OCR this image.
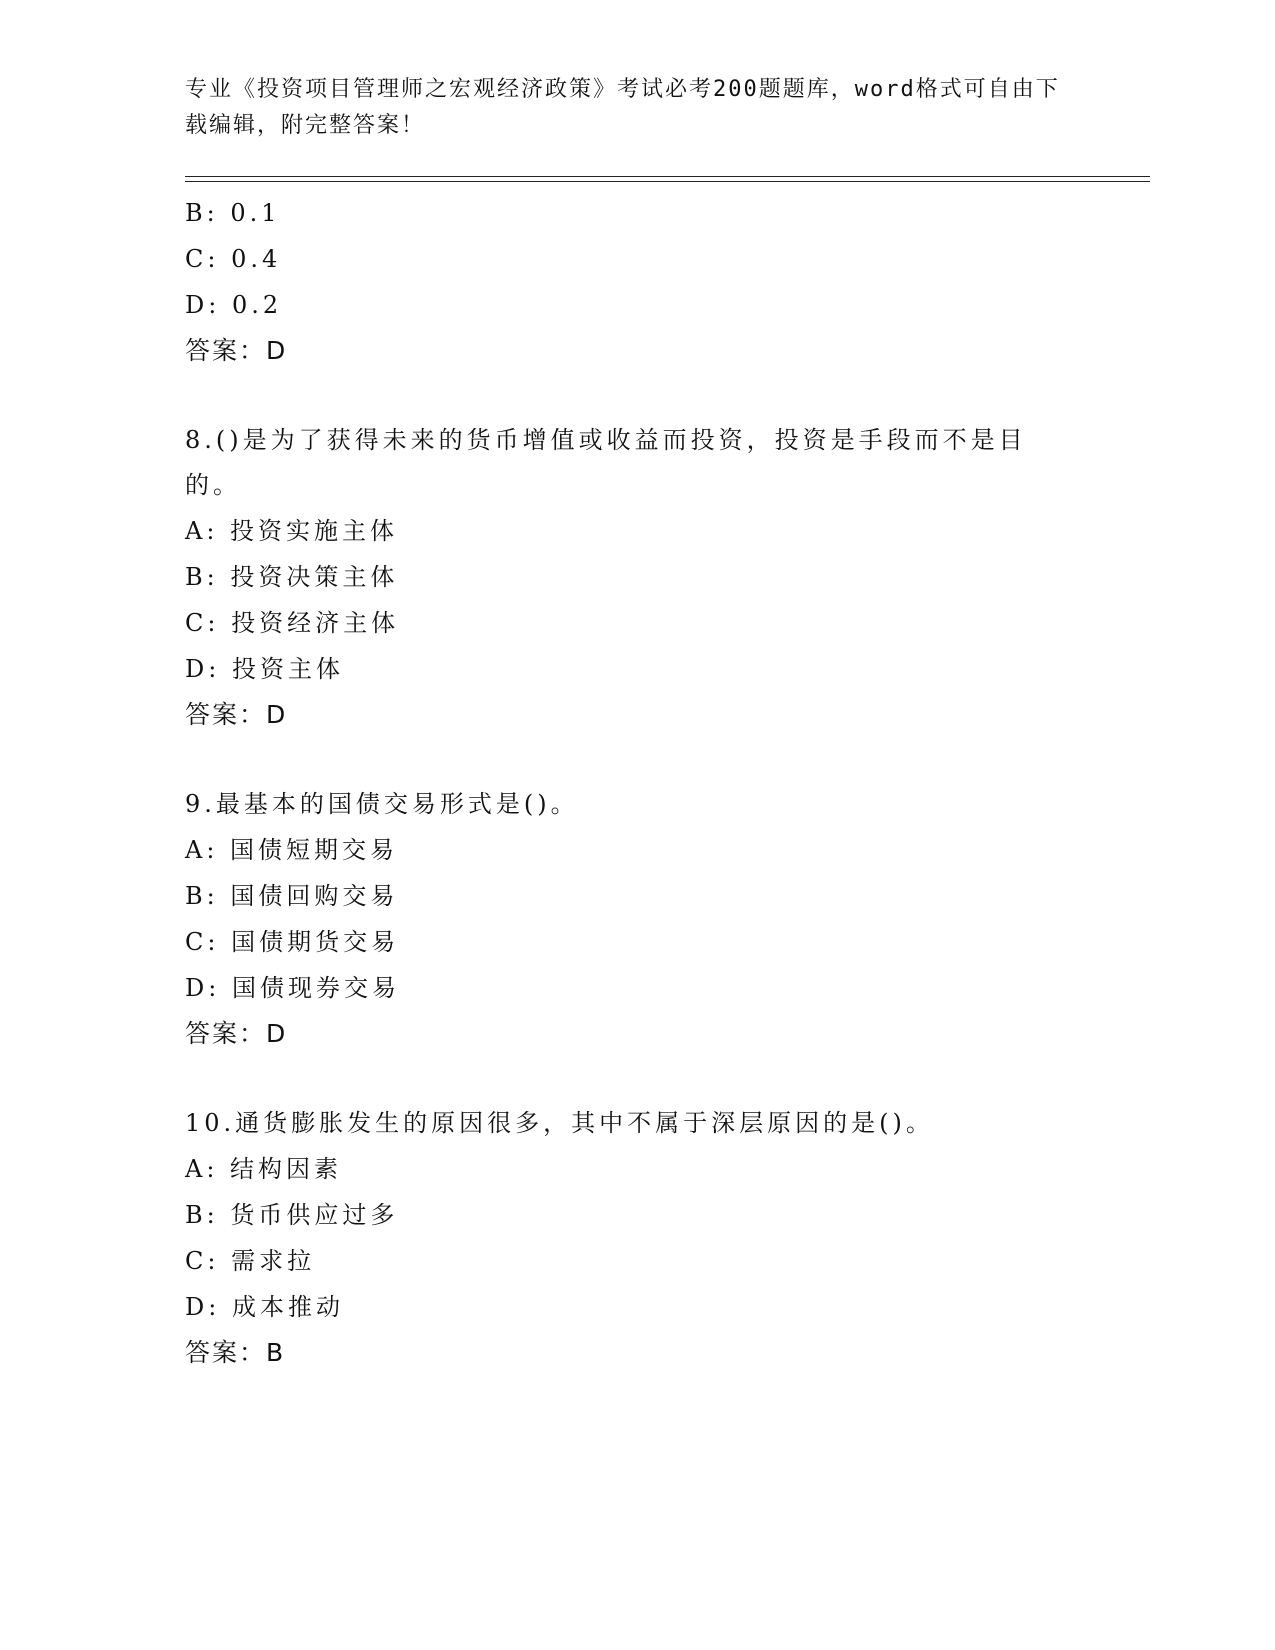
专业《投资项目管理师之宏观经济政策》考试必考200题题库，word格式可自由下载编辑，附完整答案！
B: 0.1
C: 0.4
D: 0.2
答案：D
8.()是为了获得未来的货币增值或收益而投资，投资是手段而不是目的。
A: 投资实施主体
B: 投资决策主体
C: 投资经济主体
D: 投资主体
答案：D
9.最基本的国债交易形式是()。
A: 国债短期交易
B: 国债回购交易
C: 国债期货交易
D: 国债现券交易
答案：D
10.通货膨胀发生的原因很多，其中不属于深层原因的是()。
A: 结构因素
B: 货币供应过多
C: 需求拉
D: 成本推动
答案：B
